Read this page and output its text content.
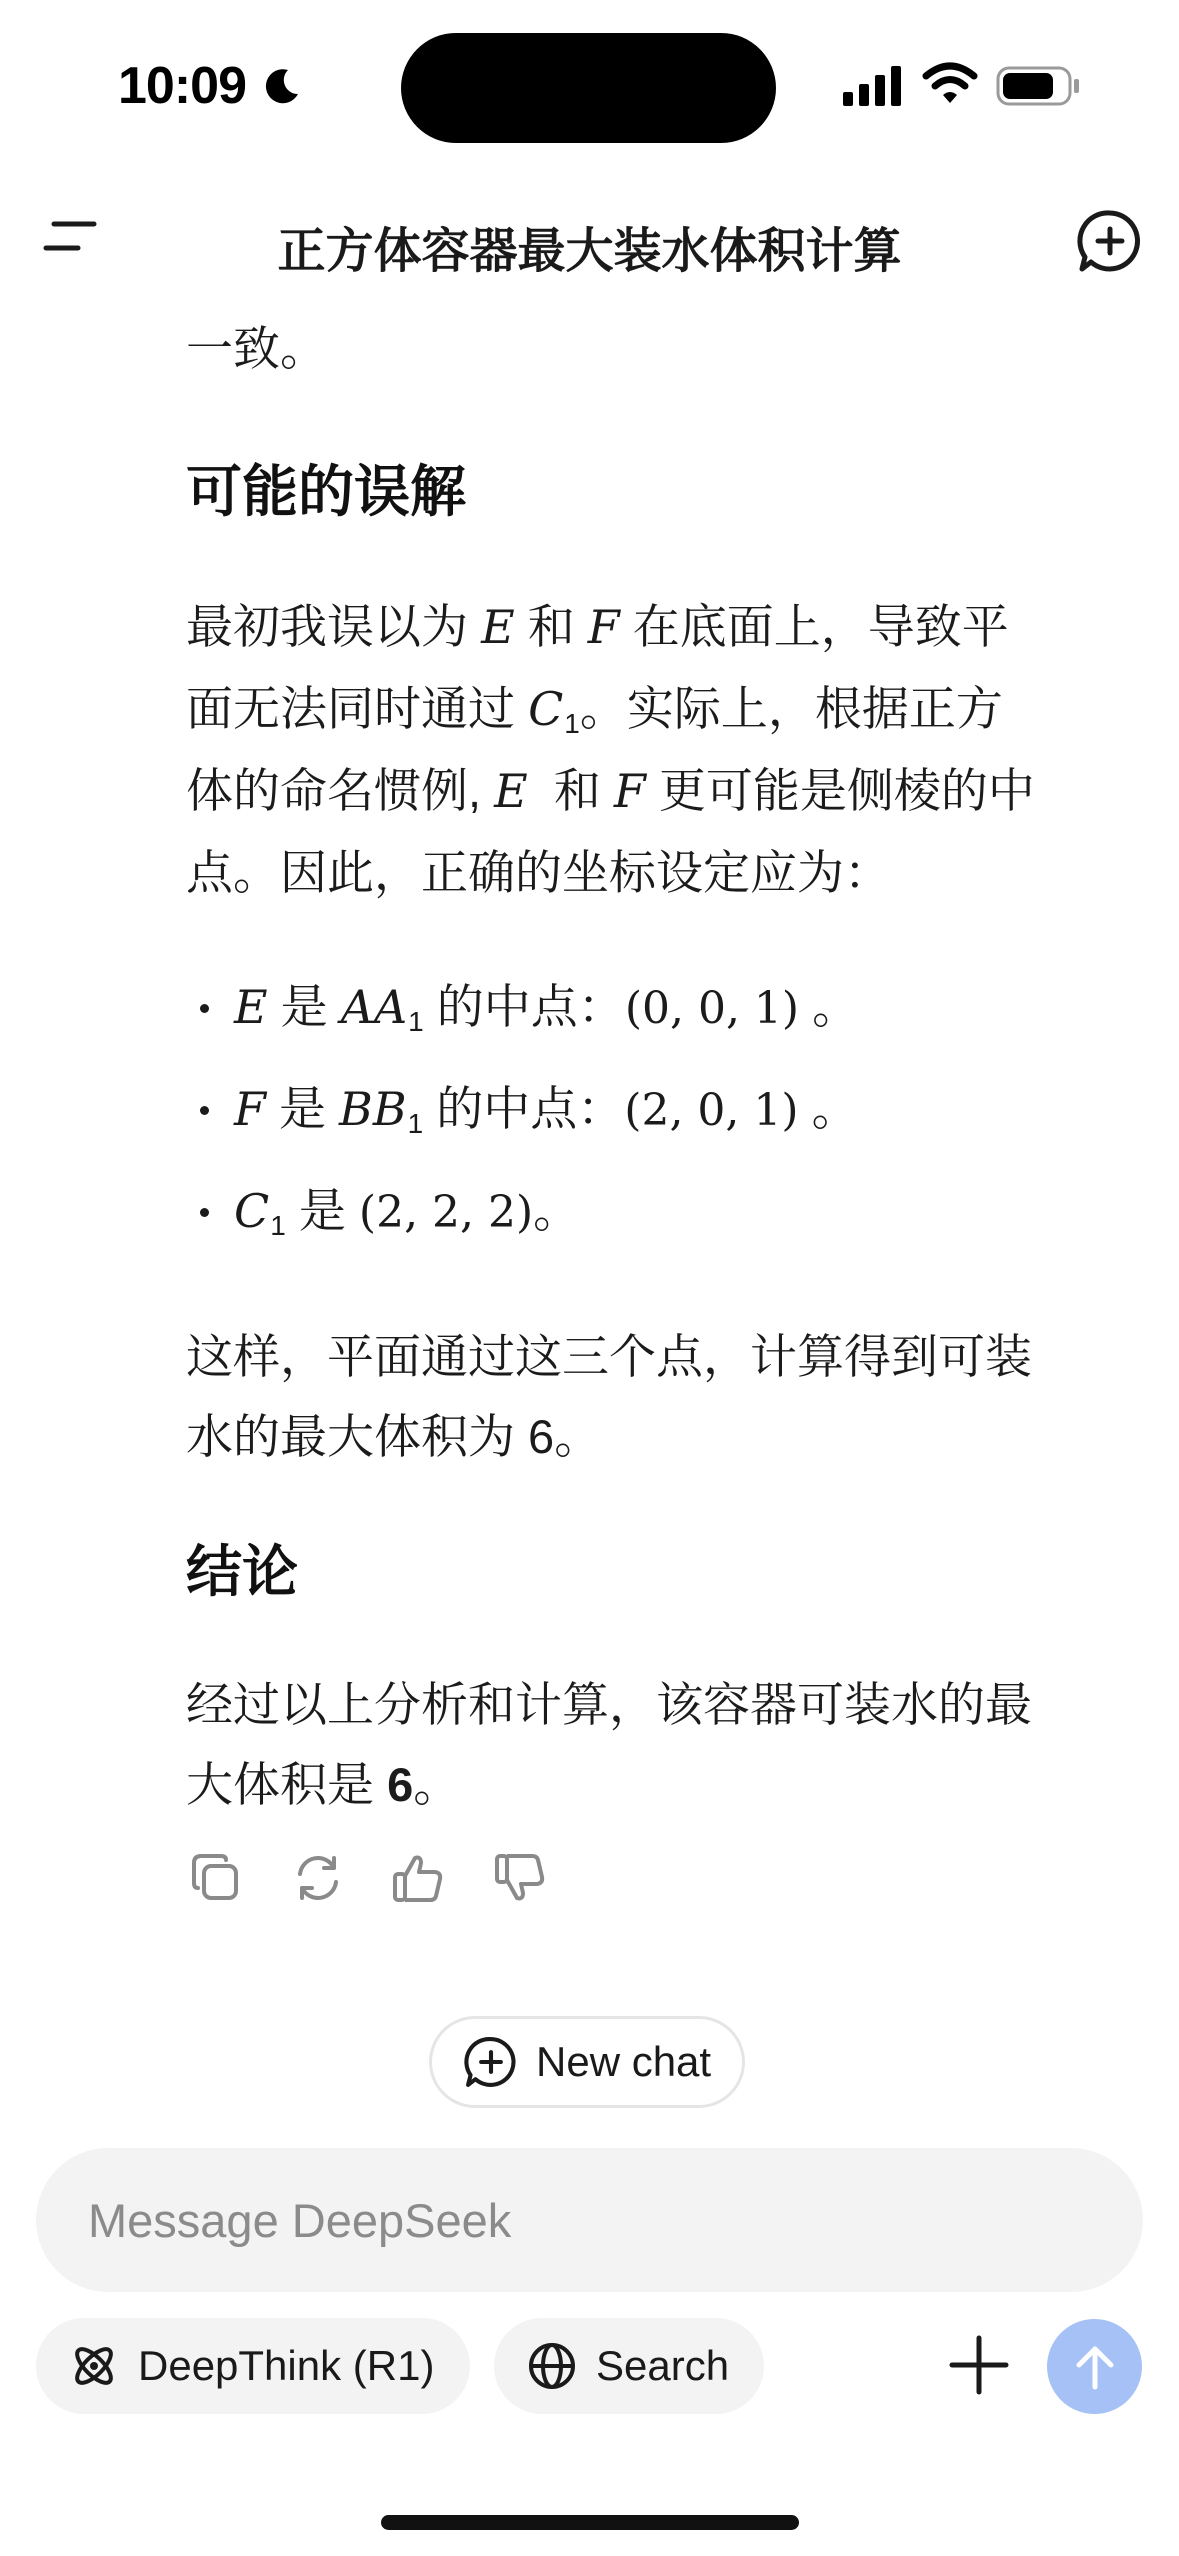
10:09
正方体容器最大装水体积计算
一致。
可能的误解
最初我误以为 E 和 F 在底面上，导致平
面无法同时通过 $C_1$。实际上，根据正方
体的命名惯例, E  和 F 更可能是侧棱的中
点。因此，正确的坐标设定应为：
E 是 $AA_1$ 的中点：(0, 0, 1) 。
F 是 $BB_1$ 的中点：(2, 0, 1) 。
$C_1$ 是 (2, 2, 2)。
这样，平面通过这三个点，计算得到可装
水的最大体积为 6。
结论
经过以上分析和计算，该容器可装水的最
大体积是 6。
New chat
Message DeepSeek
DeepThink (R1)	Search
